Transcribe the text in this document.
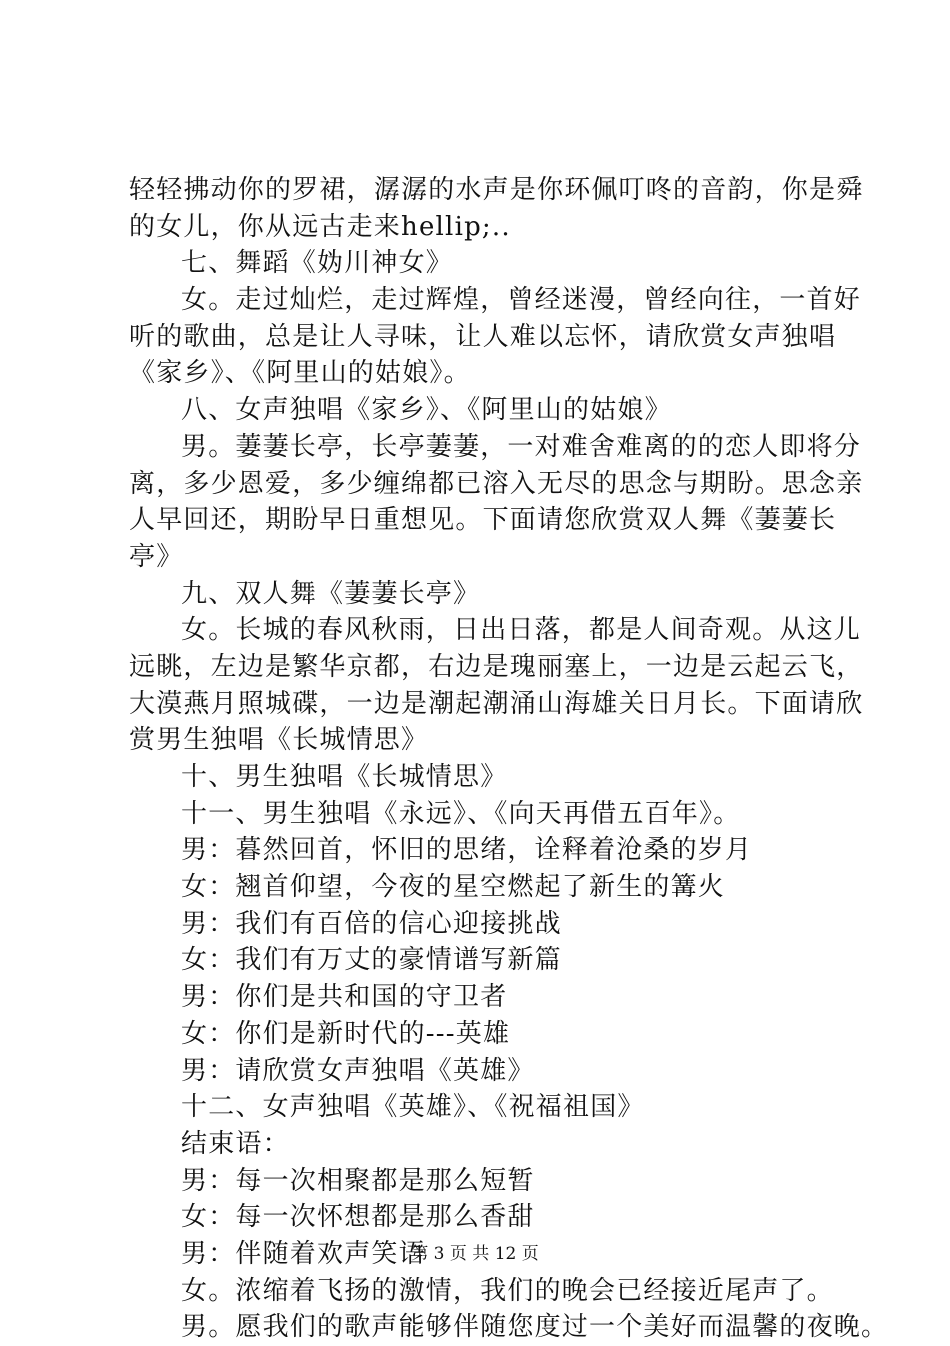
轻轻拂动你的罗裙，潺潺的水声是你环佩叮咚的音韵，你是舜
的女儿，你从远古走来hellip;..
七、舞蹈《妫川神女》
女。走过灿烂，走过辉煌，曾经迷漫，曾经向往，一首好
听的歌曲，总是让人寻味，让人难以忘怀，请欣赏女声独唱
《家乡》、《阿里山的姑娘》。
八、女声独唱《家乡》、《阿里山的姑娘》
男。萋萋长亭，长亭萋萋，一对难舍难离的的恋人即将分
离，多少恩爱，多少缠绵都已溶入无尽的思念与期盼。思念亲
人早回还，期盼早日重想见。下面请您欣赏双人舞《萋萋长
亭》
九、双人舞《萋萋长亭》
女。长城的春风秋雨，日出日落，都是人间奇观。从这儿
远眺，左边是繁华京都，右边是瑰丽塞上，一边是云起云飞，
大漠燕月照城碟，一边是潮起潮涌山海雄关日月长。下面请欣
赏男生独唱《长城情思》
十、男生独唱《长城情思》
十一、男生独唱《永远》、《向天再借五百年》。
男：暮然回首，怀旧的思绪，诠释着沧桑的岁月
女：翘首仰望，今夜的星空燃起了新生的篝火
男：我们有百倍的信心迎接挑战
女：我们有万丈的豪情谱写新篇
男：你们是共和国的守卫者
女：你们是新时代的---英雄
男：请欣赏女声独唱《英雄》
十二、女声独唱《英雄》、《祝福祖国》
结束语：
男：每一次相聚都是那么短暂
女：每一次怀想都是那么香甜
男：伴随着欢声笑语
女。浓缩着飞扬的激情，我们的晚会已经接近尾声了。
男。愿我们的歌声能够伴随您度过一个美好而温馨的夜晚。
第 3 页 共 12 页
